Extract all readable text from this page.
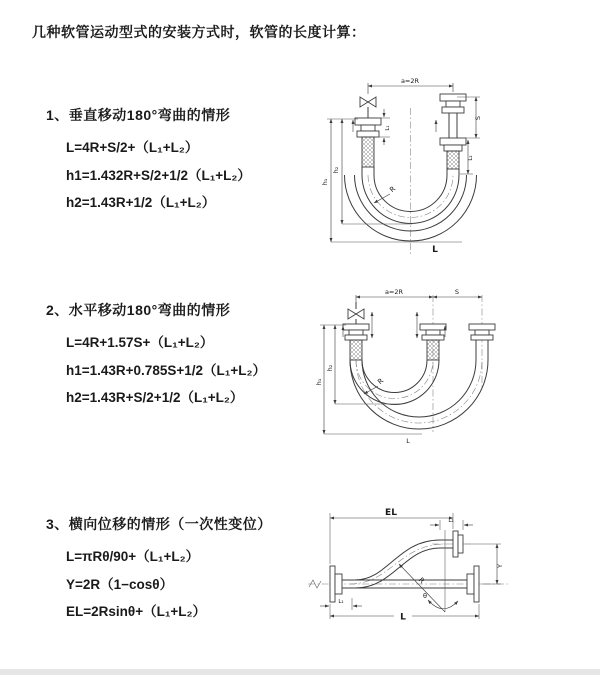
几种软管运动型式的安装方式时，软管的长度计算：

1、垂直移动180°弯曲的情形

L=4R+S/2+（L₁+L₂）

h1=1.432R+S/2+1/2（L₁+L₂）

h2=1.43R+1/2（L₁+L₂）

2、水平移动180°弯曲的情形

L=4R+1.57S+（L₁+L₂）

h1=1.43R+0.785S+1/2（L₁+L₂）

h2=1.43R+S/2+1/2（L₁+L₂）

3、横向位移的情形（一次性变位）

L=πRθ/90+（L₁+L₂）

Y=2R（1−cosθ）

EL=2Rsinθ+（L₁+L₂）

a=2R
R
h₁
h₂
L₁
S
L₂
L
a=2R	S
R
h₁
h₂
L
EL
L₂
Y
R
θ
L₁
L
